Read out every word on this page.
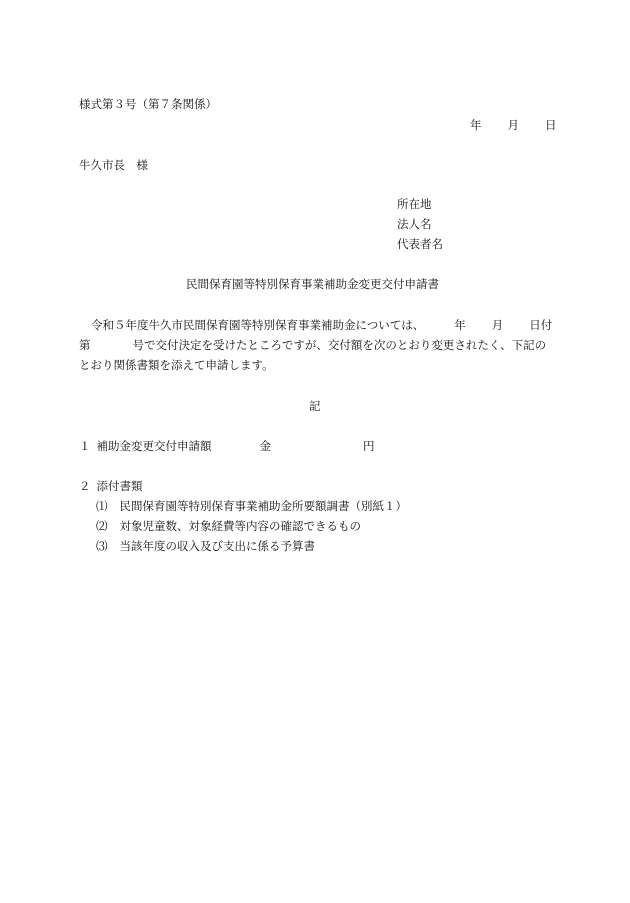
様式第３号（第７条関係）
年 月 日
牛久市長　様
所在地
法人名
代表者名
民間保育園等特別保育事業補助金変更交付申請書
令和５年度牛久市民間保育園等特別保育事業補助金については、	年 月 日付
第	号で交付決定を受けたところですが、交付額を次のとおり変更されたく、下記の
とおり関係書類を添えて申請します。
記
１ 補助金変更交付申請額	金	円
２ 添付書類
⑴ 民間保育園等特別保育事業補助金所要額調書（別紙１）
⑵ 対象児童数、対象経費等内容の確認できるもの
⑶ 当該年度の収入及び支出に係る予算書
